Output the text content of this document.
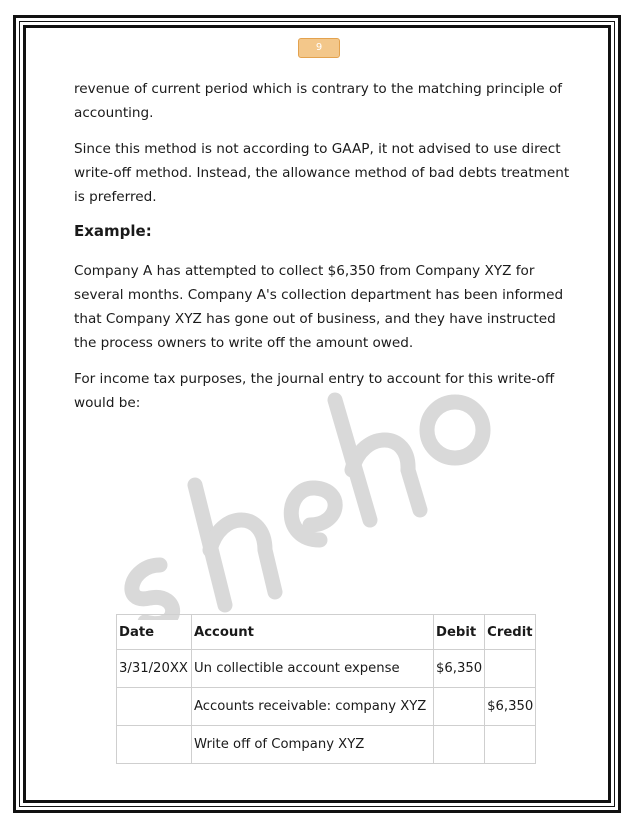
9

revenue of current period which is contrary to the matching principle of accounting.

Since this method is not according to GAAP, it not advised to use direct write-off method. Instead, the allowance method of bad debts treatment is preferred.

Example:

Company A has attempted to collect $6,350 from Company XYZ for several months. Company A's collection department has been informed that Company XYZ has gone out of business, and they have instructed the process owners to write off the amount owed.

For income tax purposes, the journal entry to account for this write-off would be:

Date	Account	Debit	Credit
3/31/20XX	Un collectible account expense	$6,350	
	Accounts receivable: company XYZ		$6,350
	Write off of Company XYZ		
